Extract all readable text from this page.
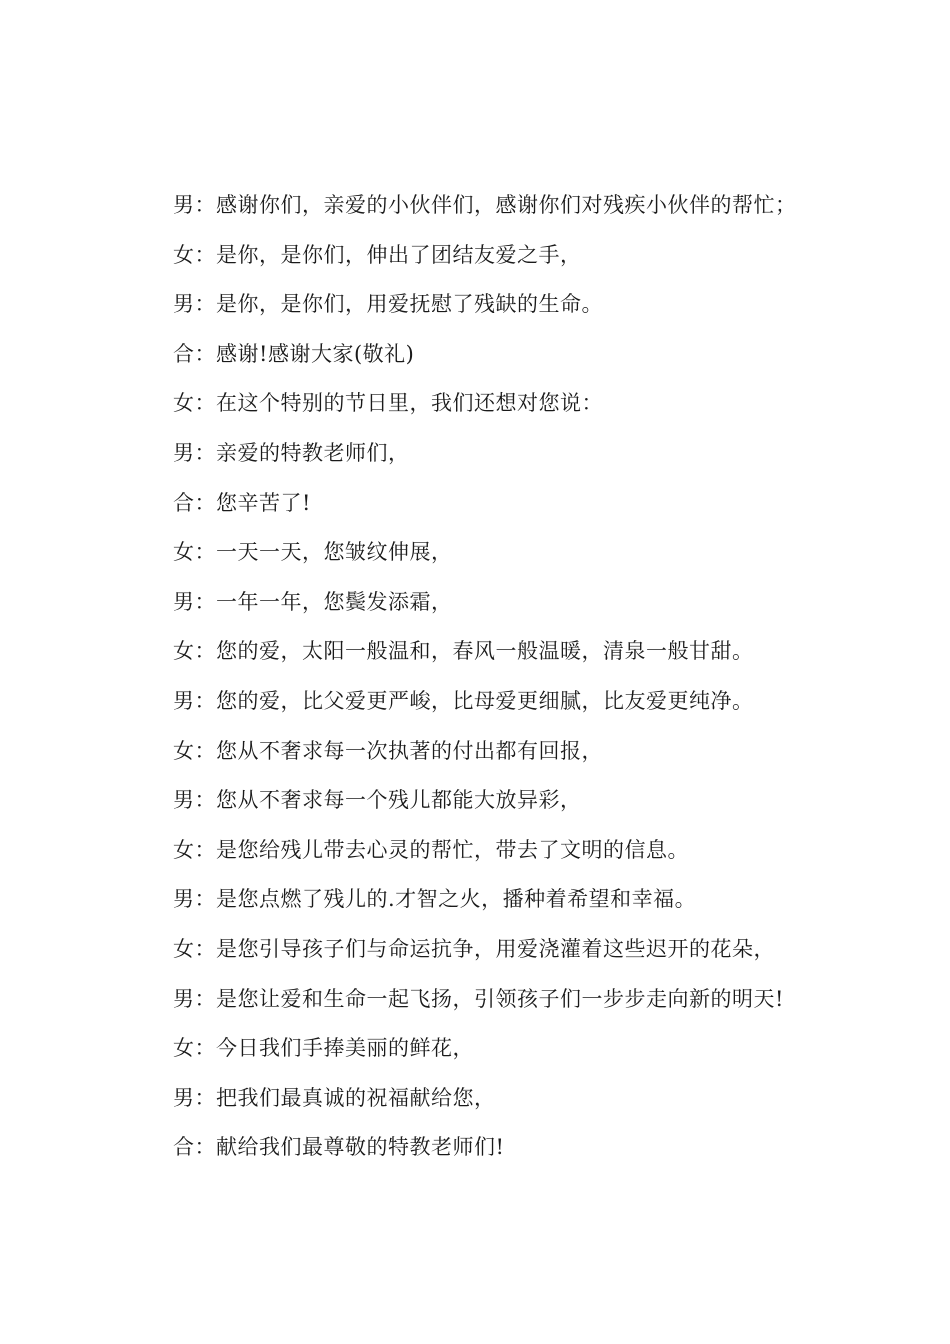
男：感谢你们，亲爱的小伙伴们，感谢你们对残疾小伙伴的帮忙；
女：是你，是你们，伸出了团结友爱之手，
男：是你，是你们，用爱抚慰了残缺的生命。
合：感谢!感谢大家(敬礼)
女：在这个特别的节日里，我们还想对您说：
男：亲爱的特教老师们，
合：您辛苦了!
女：一天一天，您皱纹伸展，
男：一年一年，您鬓发添霜，
女：您的爱，太阳一般温和，春风一般温暖，清泉一般甘甜。
男：您的爱，比父爱更严峻，比母爱更细腻，比友爱更纯净。
女：您从不奢求每一次执著的付出都有回报，
男：您从不奢求每一个残儿都能大放异彩，
女：是您给残儿带去心灵的帮忙，带去了文明的信息。
男：是您点燃了残儿的.才智之火，播种着希望和幸福。
女：是您引导孩子们与命运抗争，用爱浇灌着这些迟开的花朵，
男：是您让爱和生命一起飞扬，引领孩子们一步步走向新的明天!
女：今日我们手捧美丽的鲜花，
男：把我们最真诚的祝福献给您，
合：献给我们最尊敬的特教老师们!
